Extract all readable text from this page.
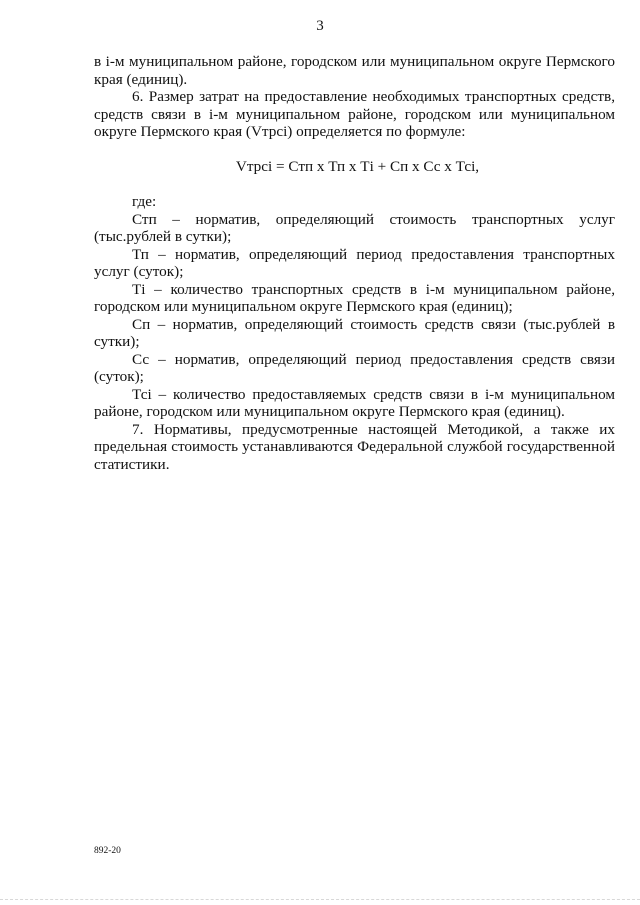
3

в i-м муниципальном районе, городском или муниципальном округе Пермского края (единиц).

6. Размер затрат на предоставление необходимых транспортных средств, средств связи в i-м муниципальном районе, городском или муниципальном округе Пермского края (Vтрсi) определяется по формуле:

Vтрсi = Стп х Тп х Тi + Сп х Сс х Тсi,

где:

Стп – норматив, определяющий стоимость транспортных услуг (тыс.рублей в сутки);

Тп – норматив, определяющий период предоставления транспортных услуг (суток);

Тi – количество транспортных средств в i-м муниципальном районе, городском или муниципальном округе Пермского края (единиц);

Сп – норматив, определяющий стоимость средств связи (тыс.рублей в сутки);

Сс – норматив, определяющий период предоставления средств связи (суток);

Тсi – количество предоставляемых средств связи в i-м муниципальном районе, городском или муниципальном округе Пермского края (единиц).

7. Нормативы, предусмотренные настоящей Методикой, а также их предельная стоимость устанавливаются Федеральной службой государственной статистики.

892-20
